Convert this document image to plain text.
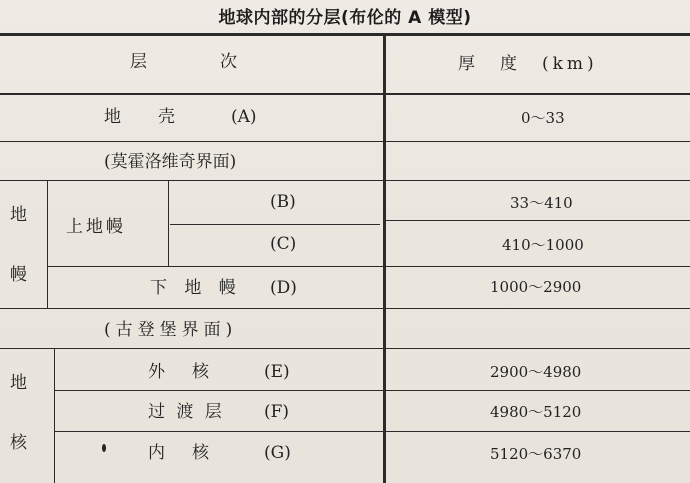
地球内部的分层(布伦的 A 模型)
层　次	厚　度　(km)
地　壳	(A)	0～33
(莫霍洛维奇界面)
地
幔
上地幔
(B)	33～410
(C)	410～1000
下 地 幔 (D)	1000～2900
(古登堡界面)
地
核
外　核	(E)	2900～4980
过 渡 层 (F)	4980～5120
内　核	(G)	5120～6370
